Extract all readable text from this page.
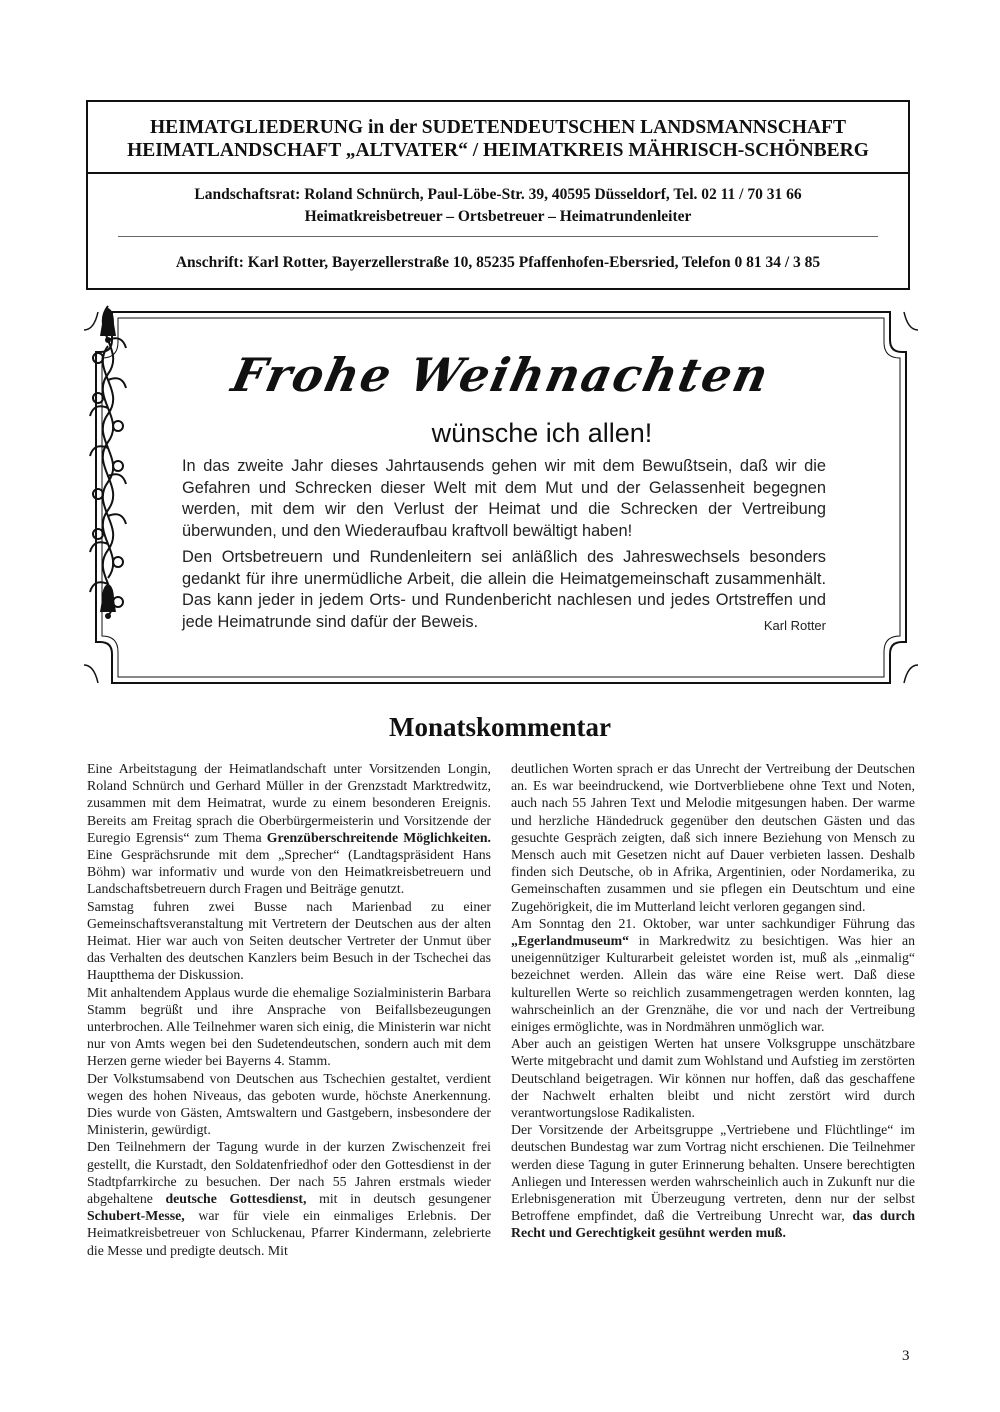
HEIMATGLIEDERUNG in der SUDETENDEUTSCHEN LANDSMANNSCHAFT
HEIMATLANDSCHAFT „ALTVATER“ / HEIMATKREIS MÄHRISCH-SCHÖNBERG
Landschaftsrat: Roland Schnürch, Paul-Löbe-Str. 39, 40595 Düsseldorf, Tel. 02 11 / 70 31 66
Heimatkreisbetreuer – Ortsbetreuer – Heimatrundenleiter
Anschrift: Karl Rotter, Bayerzellerstraße 10, 85235 Pfaffenhofen-Ebersried, Telefon 0 81 34 / 3 85
Frohe Weihnachten
wünsche ich allen!

In das zweite Jahr dieses Jahrtausends gehen wir mit dem Bewußtsein, daß wir die Gefahren und Schrecken dieser Welt mit dem Mut und der Gelassenheit begegnen werden, mit dem wir den Verlust der Heimat und die Schrecken der Vertreibung überwunden, und den Wiederaufbau kraftvoll bewältigt haben!

Den Ortsbetreuern und Rundenleitern sei anläßlich des Jahreswechsels besonders gedankt für ihre unermüdliche Arbeit, die allein die Heimatgemeinschaft zusammenhält. Das kann jeder in jedem Orts- und Rundenbericht nachlesen und jedes Ortstreffen und jede Heimatrunde sind dafür der Beweis.	Karl Rotter

Monatskommentar

Eine Arbeitstagung der Heimatlandschaft unter Vorsitzenden Longin, Roland Schnürch und Gerhard Müller in der Grenzstadt Marktredwitz, zusammen mit dem Heimatrat, wurde zu einem besonderen Ereignis. Bereits am Freitag sprach die Oberbürgermeisterin und Vorsitzende der Euregio Egrensis“ zum Thema Grenzüberschreitende Möglichkeiten. Eine Gesprächsrunde mit dem „Sprecher“ (Landtagspräsident Hans Böhm) war informativ und wurde von den Heimatkreisbetreuern und Landschaftsbetreuern durch Fragen und Beiträge genutzt.

Samstag fuhren zwei Busse nach Marienbad zu einer Gemeinschaftsveranstaltung mit Vertretern der Deutschen aus der alten Heimat. Hier war auch von Seiten deutscher Vertreter der Unmut über das Verhalten des deutschen Kanzlers beim Besuch in der Tschechei das Hauptthema der Diskussion.

Mit anhaltendem Applaus wurde die ehemalige Sozialministerin Barbara Stamm begrüßt und ihre Ansprache von Beifallsbezeugungen unterbrochen. Alle Teilnehmer waren sich einig, die Ministerin war nicht nur von Amts wegen bei den Sudetendeutschen, sondern auch mit dem Herzen gerne wieder bei Bayerns 4. Stamm.

Der Volkstumsabend von Deutschen aus Tschechien gestaltet, verdient wegen des hohen Niveaus, das geboten wurde, höchste Anerkennung. Dies wurde von Gästen, Amtswaltern und Gastgebern, insbesondere der Ministerin, gewürdigt.

Den Teilnehmern der Tagung wurde in der kurzen Zwischenzeit frei gestellt, die Kurstadt, den Soldatenfriedhof oder den Gottesdienst in der Stadtpfarrkirche zu besuchen. Der nach 55 Jahren erstmals wieder abgehaltene deutsche Gottesdienst, mit in deutsch gesungener Schubert-Messe, war für viele ein einmaliges Erlebnis. Der Heimatkreisbetreuer von Schluckenau, Pfarrer Kindermann, zelebrierte die Messe und predigte deutsch. Mit

deutlichen Worten sprach er das Unrecht der Vertreibung der Deutschen an. Es war beeindruckend, wie Dortverbliebene ohne Text und Noten, auch nach 55 Jahren Text und Melodie mitgesungen haben. Der warme und herzliche Händedruck gegenüber den deutschen Gästen und das gesuchte Gespräch zeigten, daß sich innere Beziehung von Mensch zu Mensch auch mit Gesetzen nicht auf Dauer verbieten lassen. Deshalb finden sich Deutsche, ob in Afrika, Argentinien, oder Nordamerika, zu Gemeinschaften zusammen und sie pflegen ein Deutschtum und eine Zugehörigkeit, die im Mutterland leicht verloren gegangen sind.

Am Sonntag den 21. Oktober, war unter sachkundiger Führung das „Egerlandmuseum“ in Markredwitz zu besichtigen. Was hier an uneigennütziger Kulturarbeit geleistet worden ist, muß als „einmalig“ bezeichnet werden. Allein das wäre eine Reise wert. Daß diese kulturellen Werte so reichlich zusammengetragen werden konnten, lag wahrscheinlich an der Grenznähe, die vor und nach der Vertreibung einiges ermöglichte, was in Nordmähren unmöglich war.

Aber auch an geistigen Werten hat unsere Volksgruppe unschätzbare Werte mitgebracht und damit zum Wohlstand und Aufstieg im zerstörten Deutschland beigetragen. Wir können nur hoffen, daß das geschaffene der Nachwelt erhalten bleibt und nicht zerstört wird durch verantwortungslose Radikalisten.

Der Vorsitzende der Arbeitsgruppe „Vertriebene und Flüchtlinge“ im deutschen Bundestag war zum Vortrag nicht erschienen. Die Teilnehmer werden diese Tagung in guter Erinnerung behalten. Unsere berechtigten Anliegen und Interessen werden wahrscheinlich auch in Zukunft nur die Erlebnisgeneration mit Überzeugung vertreten, denn nur der selbst Betroffene empfindet, daß die Vertreibung Unrecht war, das durch Recht und Gerechtigkeit gesühnt werden muß.

3
